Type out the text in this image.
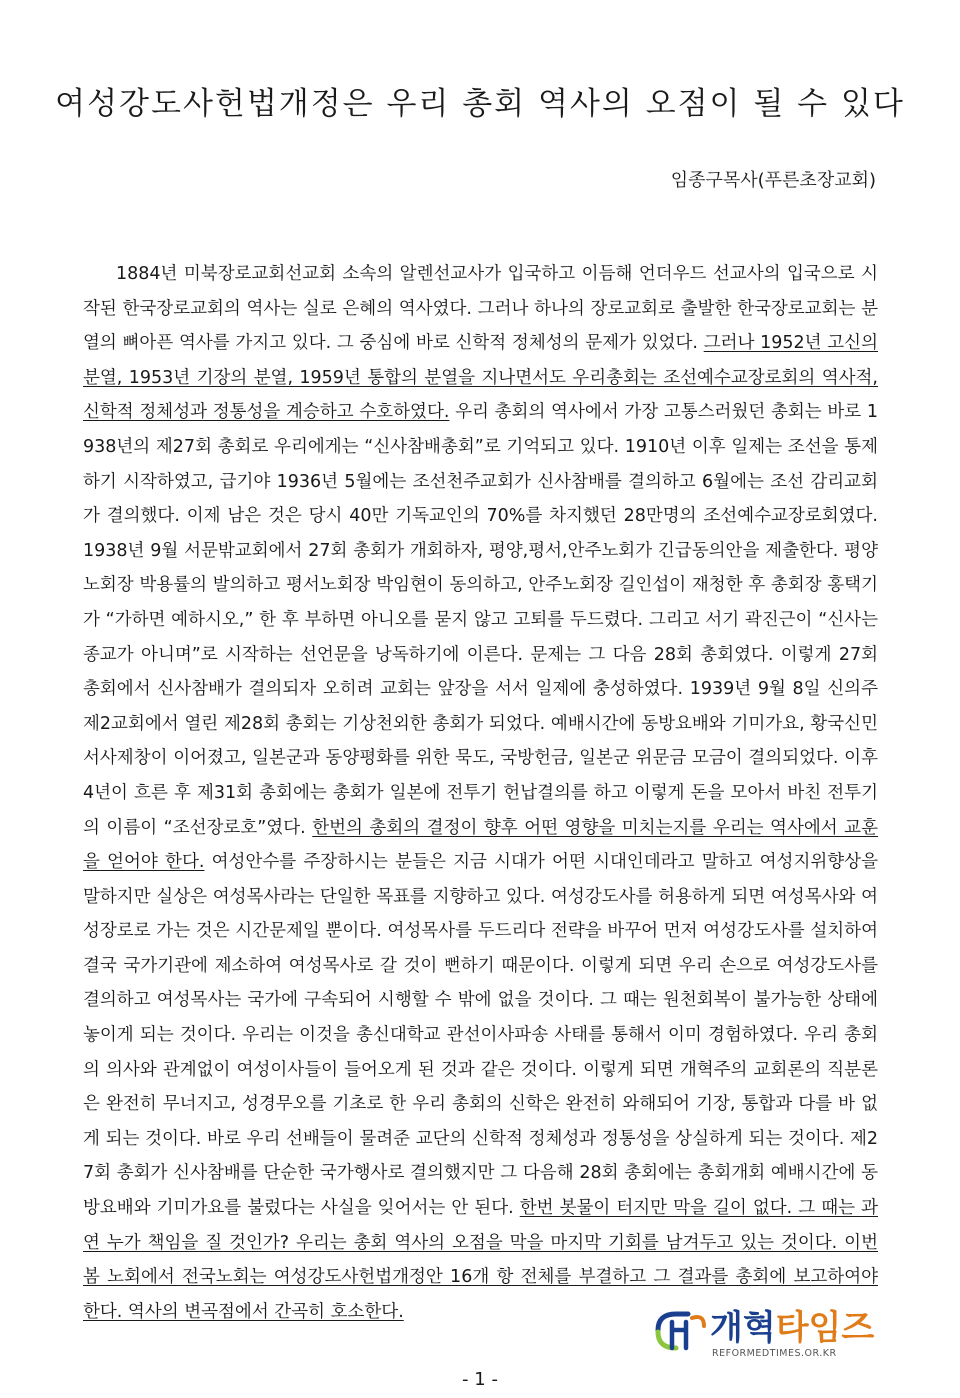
여성강도사헌법개정은 우리 총회 역사의 오점이 될 수 있다
임종구목사(푸른초장교회)

1884년 미북장로교회선교회 소속의 알렌선교사가 입국하고 이듬해 언더우드 선교사의 입국으로 시작된 한국장로교회의 역사는 실로 은혜의 역사였다. 그러나 하나의 장로교회로 출발한 한국장로교회는 분열의 뼈아픈 역사를 가지고 있다. 그 중심에 바로 신학적 정체성의 문제가 있었다. 그러나 1952년 고신의 분열, 1953년 기장의 분열, 1959년 통합의 분열을 지나면서도 우리총회는 조선예수교장로회의 역사적, 신학적 정체성과 정통성을 계승하고 수호하였다. 우리 총회의 역사에서 가장 고통스러웠던 총회는 바로 1938년의 제27회 총회로 우리에게는 “신사참배총회”로 기억되고 있다. 1910년 이후 일제는 조선을 통제하기 시작하였고, 급기야 1936년 5월에는 조선천주교회가 신사참배를 결의하고 6월에는 조선 감리교회가 결의했다. 이제 남은 것은 당시 40만 기독교인의 70%를 차지했던 28만명의 조선예수교장로회였다. 1938년 9월 서문밖교회에서 27회 총회가 개회하자, 평양,평서,안주노회가 긴급동의안을 제출한다. 평양노회장 박용률의 발의하고 평서노회장 박임현이 동의하고, 안주노회장 길인섭이 재청한 후 총회장 홍택기가 “가하면 예하시오,” 한 후 부하면 아니오를 묻지 않고 고퇴를 두드렸다. 그리고 서기 곽진근이 “신사는 종교가 아니며”로 시작하는 선언문을 낭독하기에 이른다. 문제는 그 다음 28회 총회였다. 이렇게 27회 총회에서 신사참배가 결의되자 오히려 교회는 앞장을 서서 일제에 충성하였다. 1939년 9월 8일 신의주 제2교회에서 열린 제28회 총회는 기상천외한 총회가 되었다. 예배시간에 동방요배와 기미가요, 황국신민서사제창이 이어졌고, 일본군과 동양평화를 위한 묵도, 국방헌금, 일본군 위문금 모금이 결의되었다. 이후 4년이 흐른 후 제31회 총회에는 총회가 일본에 전투기 헌납결의를 하고 이렇게 돈을 모아서 바친 전투기의 이름이 “조선장로호”였다. 한번의 총회의 결정이 향후 어떤 영향을 미치는지를 우리는 역사에서 교훈을 얻어야 한다. 여성안수를 주장하시는 분들은 지금 시대가 어떤 시대인데라고 말하고 여성지위향상을 말하지만 실상은 여성목사라는 단일한 목표를 지향하고 있다. 여성강도사를 허용하게 되면 여성목사와 여성장로로 가는 것은 시간문제일 뿐이다. 여성목사를 두드리다 전략을 바꾸어 먼저 여성강도사를 설치하여 결국 국가기관에 제소하여 여성목사로 갈 것이 뻔하기 때문이다. 이렇게 되면 우리 손으로 여성강도사를 결의하고 여성목사는 국가에 구속되어 시행할 수 밖에 없을 것이다. 그 때는 원천회복이 불가능한 상태에 놓이게 되는 것이다. 우리는 이것을 총신대학교 관선이사파송 사태를 통해서 이미 경험하였다. 우리 총회의 의사와 관계없이 여성이사들이 들어오게 된 것과 같은 것이다. 이렇게 되면 개혁주의 교회론의 직분론은 완전히 무너지고, 성경무오를 기초로 한 우리 총회의 신학은 완전히 와해되어 기장, 통합과 다를 바 없게 되는 것이다. 바로 우리 선배들이 물려준 교단의 신학적 정체성과 정통성을 상실하게 되는 것이다. 제27회 총회가 신사참배를 단순한 국가행사로 결의했지만 그 다음해 28회 총회에는 총회개회 예배시간에 동방요배와 기미가요를 불렀다는 사실을 잊어서는 안 된다. 한번 봇물이 터지만 막을 길이 없다. 그 때는 과연 누가 책임을 질 것인가? 우리는 총회 역사의 오점을 막을 마지막 기회를 남겨두고 있는 것이다. 이번 봄 노회에서 전국노회는 여성강도사헌법개정안 16개 항 전체를 부결하고 그 결과를 총회에 보고하여야 한다. 역사의 변곡점에서 간곡히 호소한다.	개혁타임즈
REFORMEDTIMES.OR.KR
- 1 -
